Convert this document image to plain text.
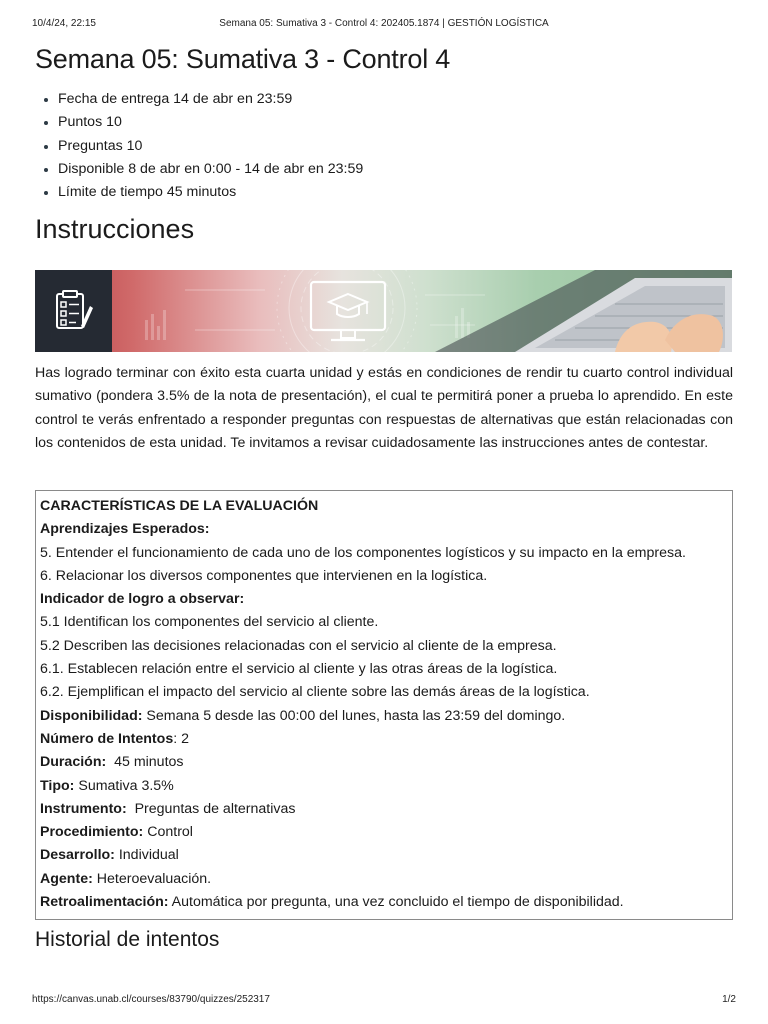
10/4/24, 22:15	Semana 05: Sumativa 3 - Control 4: 202405.1874 | GESTIÓN LOGÍSTICA
Semana 05: Sumativa 3 - Control 4
• Fecha de entrega 14 de abr en 23:59
• Puntos 10
• Preguntas 10
• Disponible 8 de abr en 0:00 - 14 de abr en 23:59
• Límite de tiempo 45 minutos
Instrucciones

Has logrado terminar con éxito esta cuarta unidad y estás en condiciones de rendir tu cuarto control individual sumativo (pondera 3.5% de la nota de presentación), el cual te permitirá poner a prueba lo aprendido. En este control te verás enfrentado a responder preguntas con respuestas de alternativas que están relacionadas con los contenidos de esta unidad. Te invitamos a revisar cuidadosamente las instrucciones antes de contestar.

CARACTERÍSTICAS DE LA EVALUACIÓN
Aprendizajes Esperados:
5. Entender el funcionamiento de cada uno de los componentes logísticos y su impacto en la empresa.
6. Relacionar los diversos componentes que intervienen en la logística.
Indicador de logro a observar:
5.1 Identifican los componentes del servicio al cliente.
5.2 Describen las decisiones relacionadas con el servicio al cliente de la empresa.
6.1. Establecen relación entre el servicio al cliente y las otras áreas de la logística.
6.2. Ejemplifican el impacto del servicio al cliente sobre las demás áreas de la logística.
Disponibilidad: Semana 5 desde las 00:00 del lunes, hasta las 23:59 del domingo.
Número de Intentos: 2
Duración:  45 minutos
Tipo: Sumativa 3.5%
Instrumento:  Preguntas de alternativas
Procedimiento: Control
Desarrollo: Individual
Agente: Heteroevaluación.
Retroalimentación: Automática por pregunta, una vez concluido el tiempo de disponibilidad.
Historial de intentos
https://canvas.unab.cl/courses/83790/quizzes/252317	1/2
